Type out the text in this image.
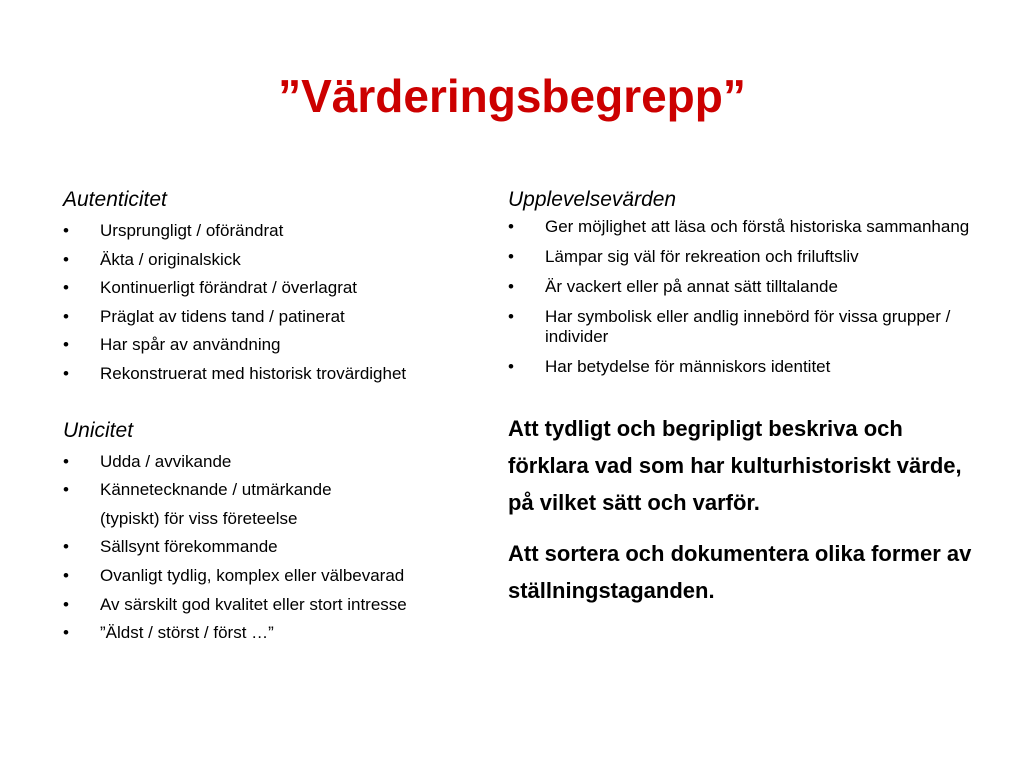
”Värderingsbegrepp”
Autenticitet
• Ursprungligt / oförändrat
• Äkta / originalskick
• Kontinuerligt förändrat / överlagrat
• Präglat av tidens tand / patinerat
• Har spår av användning
• Rekonstruerat med historisk trovärdighet
Unicitet
• Udda / avvikande
• Kännetecknande / utmärkande
(typiskt) för viss företeelse
• Sällsynt förekommande
• Ovanligt tydlig, komplex eller välbevarad
• Av särskilt god kvalitet eller stort intresse
• ”Äldst / störst / först …”
Upplevelsevärden
• Ger möjlighet att läsa och förstå historiska sammanhang
• Lämpar sig väl för rekreation och friluftsliv
• Är vackert eller på annat sätt tilltalande
• Har symbolisk eller andlig innebörd för vissa grupper / individer
• Har betydelse för människors identitet

Att tydligt och begripligt beskriva och förklara vad som har kulturhistoriskt värde, på vilket sätt och varför.

Att sortera och dokumentera olika former av ställningstaganden.
